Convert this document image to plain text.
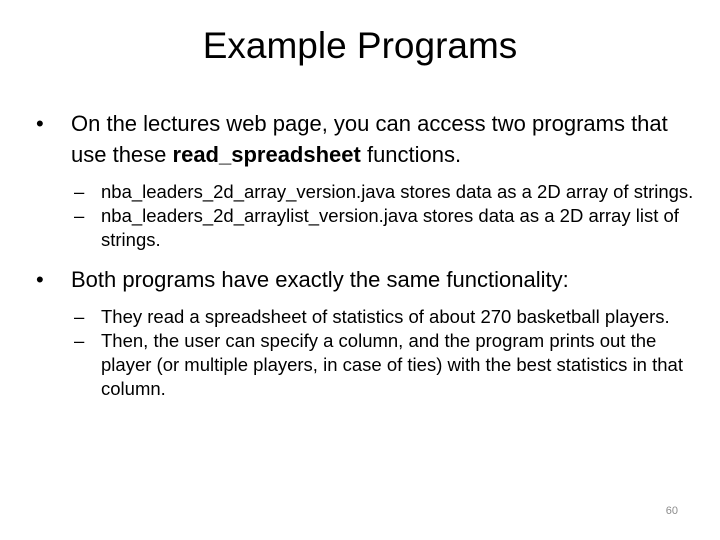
Example Programs
•	On the lectures web page, you can access two programs that use these read_spreadsheet functions.
– nba_leaders_2d_array_version.java stores data as a 2D array of strings.
– nba_leaders_2d_arraylist_version.java stores data as a 2D array list of strings.
•	Both programs have exactly the same functionality:
– They read a spreadsheet of statistics of about 270 basketball players.
– Then, the user can specify a column, and the program prints out the player (or multiple players, in case of ties) with the best statistics in that column.
60
